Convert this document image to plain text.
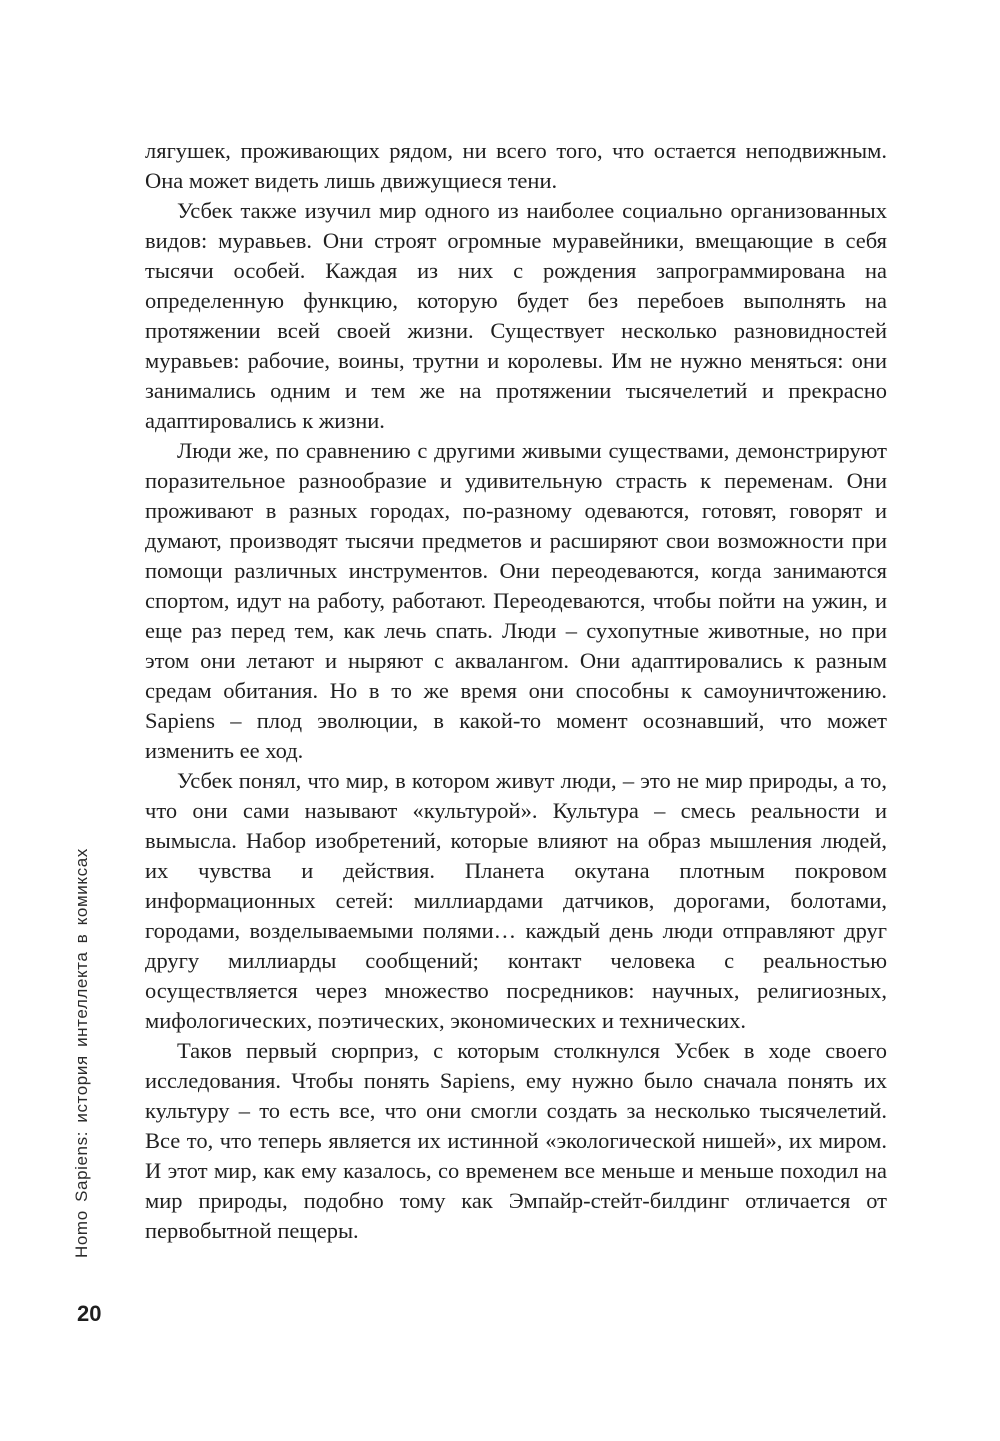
Homo Sapiens: история интеллекта в комиксах

лягушек, проживающих рядом, ни всего того, что остается неподвижным. Она может видеть лишь движущиеся тени.

Усбек также изучил мир одного из наиболее социально организованных видов: муравьев. Они строят огромные муравейники, вмещающие в себя тысячи особей. Каждая из них с рождения запрограммирована на определенную функцию, которую будет без перебоев выполнять на протяжении всей своей жизни. Существует несколько разновидностей муравьев: рабочие, воины, трутни и королевы. Им не нужно меняться: они занимались одним и тем же на протяжении тысячелетий и прекрасно адаптировались к жизни.

Люди же, по сравнению с другими живыми существами, демонстрируют поразительное разнообразие и удивительную страсть к переменам. Они проживают в разных городах, по-разному одеваются, готовят, говорят и думают, производят тысячи предметов и расширяют свои возможности при помощи различных инструментов. Они переодеваются, когда занимаются спортом, идут на работу, работают. Переодеваются, чтобы пойти на ужин, и еще раз перед тем, как лечь спать. Люди – сухопутные животные, но при этом они летают и ныряют с аквалангом. Они адаптировались к разным средам обитания. Но в то же время они способны к самоуничтожению. Sapiens – плод эволюции, в какой-то момент осознавший, что может изменить ее ход.

Усбек понял, что мир, в котором живут люди, – это не мир природы, а то, что они сами называют «культурой». Культура – смесь реальности и вымысла. Набор изобретений, которые влияют на образ мышления людей, их чувства и действия. Планета окутана плотным покровом информационных сетей: миллиардами датчиков, дорогами, болотами, городами, возделываемыми полями… каждый день люди отправляют друг другу миллиарды сообщений; контакт человека с реальностью осуществляется через множество посредников: научных, религиозных, мифологических, поэтических, экономических и технических.

Таков первый сюрприз, с которым столкнулся Усбек в ходе своего исследования. Чтобы понять Sapiens, ему нужно было сначала понять их культуру – то есть все, что они смогли создать за несколько тысячелетий. Все то, что теперь является их истинной «экологической нишей», их миром. И этот мир, как ему казалось, со временем все меньше и меньше походил на мир природы, подобно тому как Эмпайр-стейт-билдинг отличается от первобытной пещеры.

20
